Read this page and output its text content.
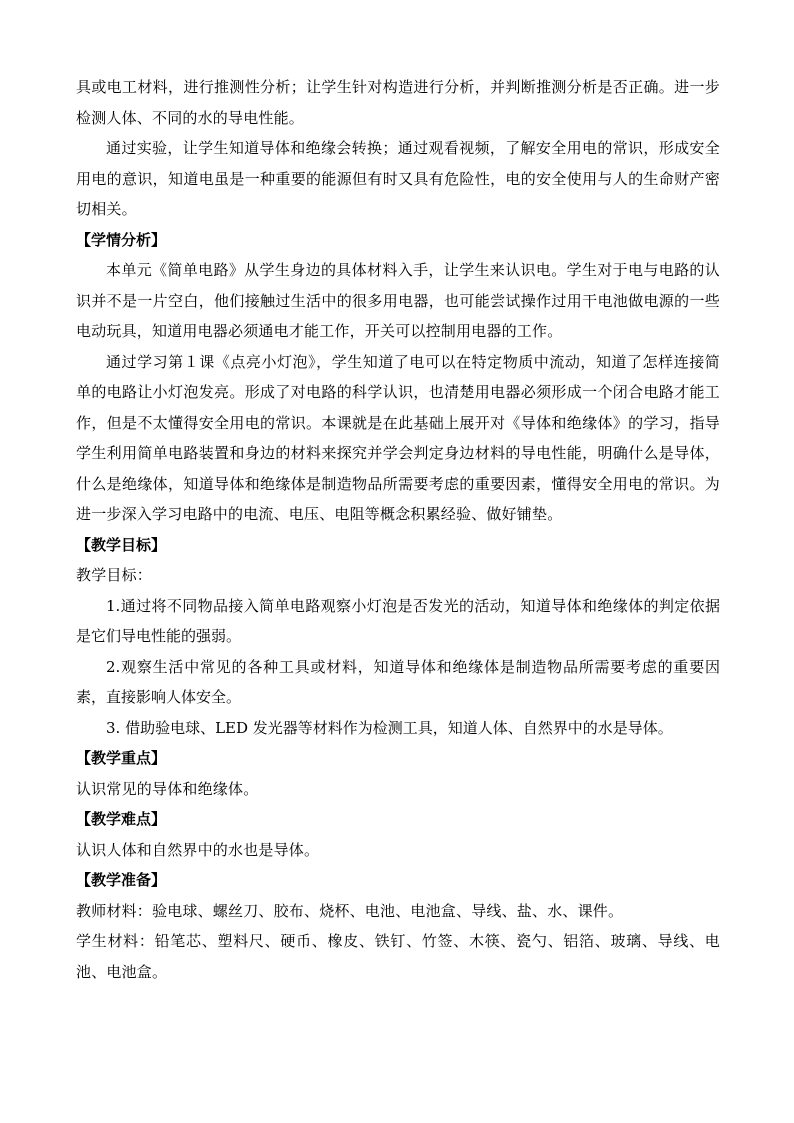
具或电工材料，进行推测性分析；让学生针对构造进行分析，并判断推测分析是否正确。进一步检测人体、不同的水的导电性能。

通过实验，让学生知道导体和绝缘会转换；通过观看视频，了解安全用电的常识，形成安全用电的意识，知道电虽是一种重要的能源但有时又具有危险性，电的安全使用与人的生命财产密切相关。

【学情分析】

本单元《简单电路》从学生身边的具体材料入手，让学生来认识电。学生对于电与电路的认识并不是一片空白，他们接触过生活中的很多用电器，也可能尝试操作过用干电池做电源的一些电动玩具，知道用电器必须通电才能工作，开关可以控制用电器的工作。

通过学习第１课《点亮小灯泡》，学生知道了电可以在特定物质中流动，知道了怎样连接简单的电路让小灯泡发亮。形成了对电路的科学认识，也清楚用电器必须形成一个闭合电路才能工作，但是不太懂得安全用电的常识。本课就是在此基础上展开对《导体和绝缘体》的学习，指导学生利用简单电路装置和身边的材料来探究并学会判定身边材料的导电性能，明确什么是导体，什么是绝缘体，知道导体和绝缘体是制造物品所需要考虑的重要因素，懂得安全用电的常识。为进一步深入学习电路中的电流、电压、电阻等概念积累经验、做好铺垫。

【教学目标】

教学目标：

1.通过将不同物品接入简单电路观察小灯泡是否发光的活动，知道导体和绝缘体的判定依据是它们导电性能的强弱。

2.观察生活中常见的各种工具或材料，知道导体和绝缘体是制造物品所需要考虑的重要因素，直接影响人体安全。

3. 借助验电球、LED 发光器等材料作为检测工具，知道人体、自然界中的水是导体。

【教学重点】

认识常见的导体和绝缘体。

【教学难点】

认识人体和自然界中的水也是导体。

【教学准备】

教师材料：验电球、螺丝刀、胶布、烧杯、电池、电池盒、导线、盐、水、课件。

学生材料：铅笔芯、塑料尺、硬币、橡皮、铁钉、竹签、木筷、瓷勺、铝箔、玻璃、导线、电池、电池盒。
